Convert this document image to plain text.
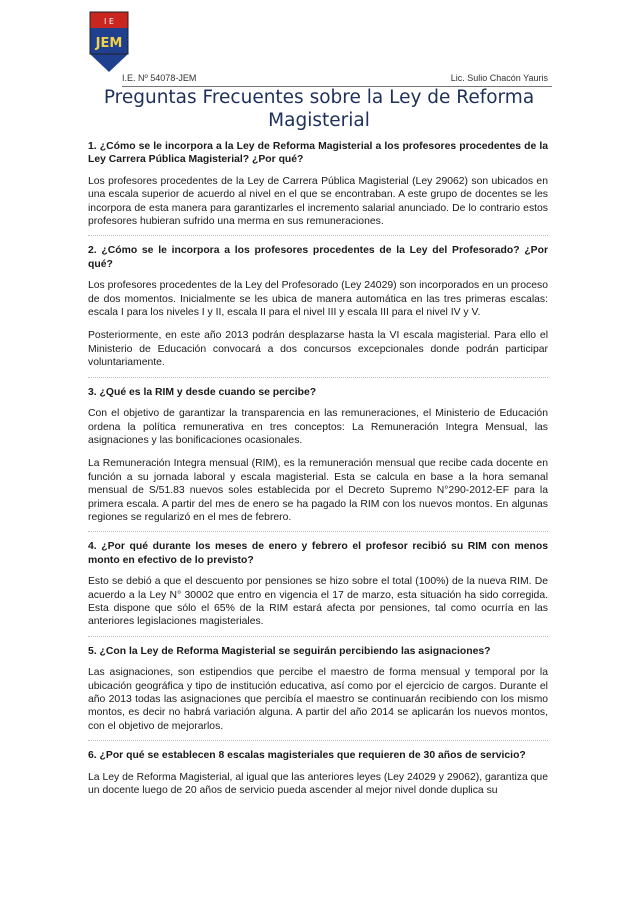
I E
JEM
I.E. Nº 54078-JEM	Lic. Sulio Chacón Yauris
Preguntas Frecuentes sobre la Ley de Reforma Magisterial

1. ¿Cómo se le incorpora a la Ley de Reforma Magisterial a los profesores procedentes de la Ley Carrera Pública Magisterial? ¿Por qué?

Los profesores procedentes de la Ley de Carrera Pública Magisterial (Ley 29062) son ubicados en una escala superior de acuerdo al nivel en el que se encontraban. A este grupo de docentes se les incorpora de esta manera para garantizarles el incremento salarial anunciado. De lo contrario estos profesores hubieran sufrido una merma en sus remuneraciones.

2. ¿Cómo se le incorpora a los profesores procedentes de la Ley del Profesorado? ¿Por qué?

Los profesores procedentes de la Ley del Profesorado (Ley 24029) son incorporados en un proceso de dos momentos. Inicialmente se les ubica de manera automática en las tres primeras escalas: escala I para los niveles I y II, escala II para el nivel III y escala III para el nivel IV y V.

Posteriormente, en este año 2013 podrán desplazarse hasta la VI escala magisterial. Para ello el Ministerio de Educación convocará a dos concursos excepcionales donde podrán participar voluntariamente.

3. ¿Qué es la RIM y desde cuando se percibe?

Con el objetivo de garantizar la transparencia en las remuneraciones, el Ministerio de Educación ordena la política remunerativa en tres conceptos: La Remuneración Integra Mensual, las asignaciones y las bonificaciones ocasionales.

La Remuneración Integra mensual (RIM), es la remuneración mensual que recibe cada docente en función a su jornada laboral y escala magisterial. Esta se calcula en base a la hora semanal mensual de S/51.83 nuevos soles establecida por el Decreto Supremo N°290-2012-EF para la primera escala. A partir del mes de enero se ha pagado la RIM con los nuevos montos. En algunas regiones se regularizó en el mes de febrero.

4. ¿Por qué durante los meses de enero y febrero el profesor recibió su RIM con menos monto en efectivo de lo previsto?

Esto se debió a que el descuento por pensiones se hizo sobre el total (100%) de la nueva RIM. De acuerdo a la Ley N° 30002 que entro en vigencia el 17 de marzo, esta situación ha sido corregida. Esta dispone que sólo el 65% de la RIM estará afecta por pensiones, tal como ocurría en las anteriores legislaciones magisteriales.

5. ¿Con la Ley de Reforma Magisterial se seguirán percibiendo las asignaciones?

Las asignaciones, son estipendios que percibe el maestro de forma mensual y temporal por la ubicación geográfica y tipo de institución educativa, así como por el ejercicio de cargos. Durante el año 2013 todas las asignaciones que percibía el maestro se continuarán recibiendo con los mismo montos, es decir no habrá variación alguna. A partir del año 2014 se aplicarán los nuevos montos, con el objetivo de mejorarlos.

6. ¿Por qué se establecen 8 escalas magisteriales que requieren de 30 años de servicio?

La Ley de Reforma Magisterial, al igual que las anteriores leyes (Ley 24029 y 29062), garantiza que un docente luego de 20 años de servicio pueda ascender al mejor nivel donde duplica su
